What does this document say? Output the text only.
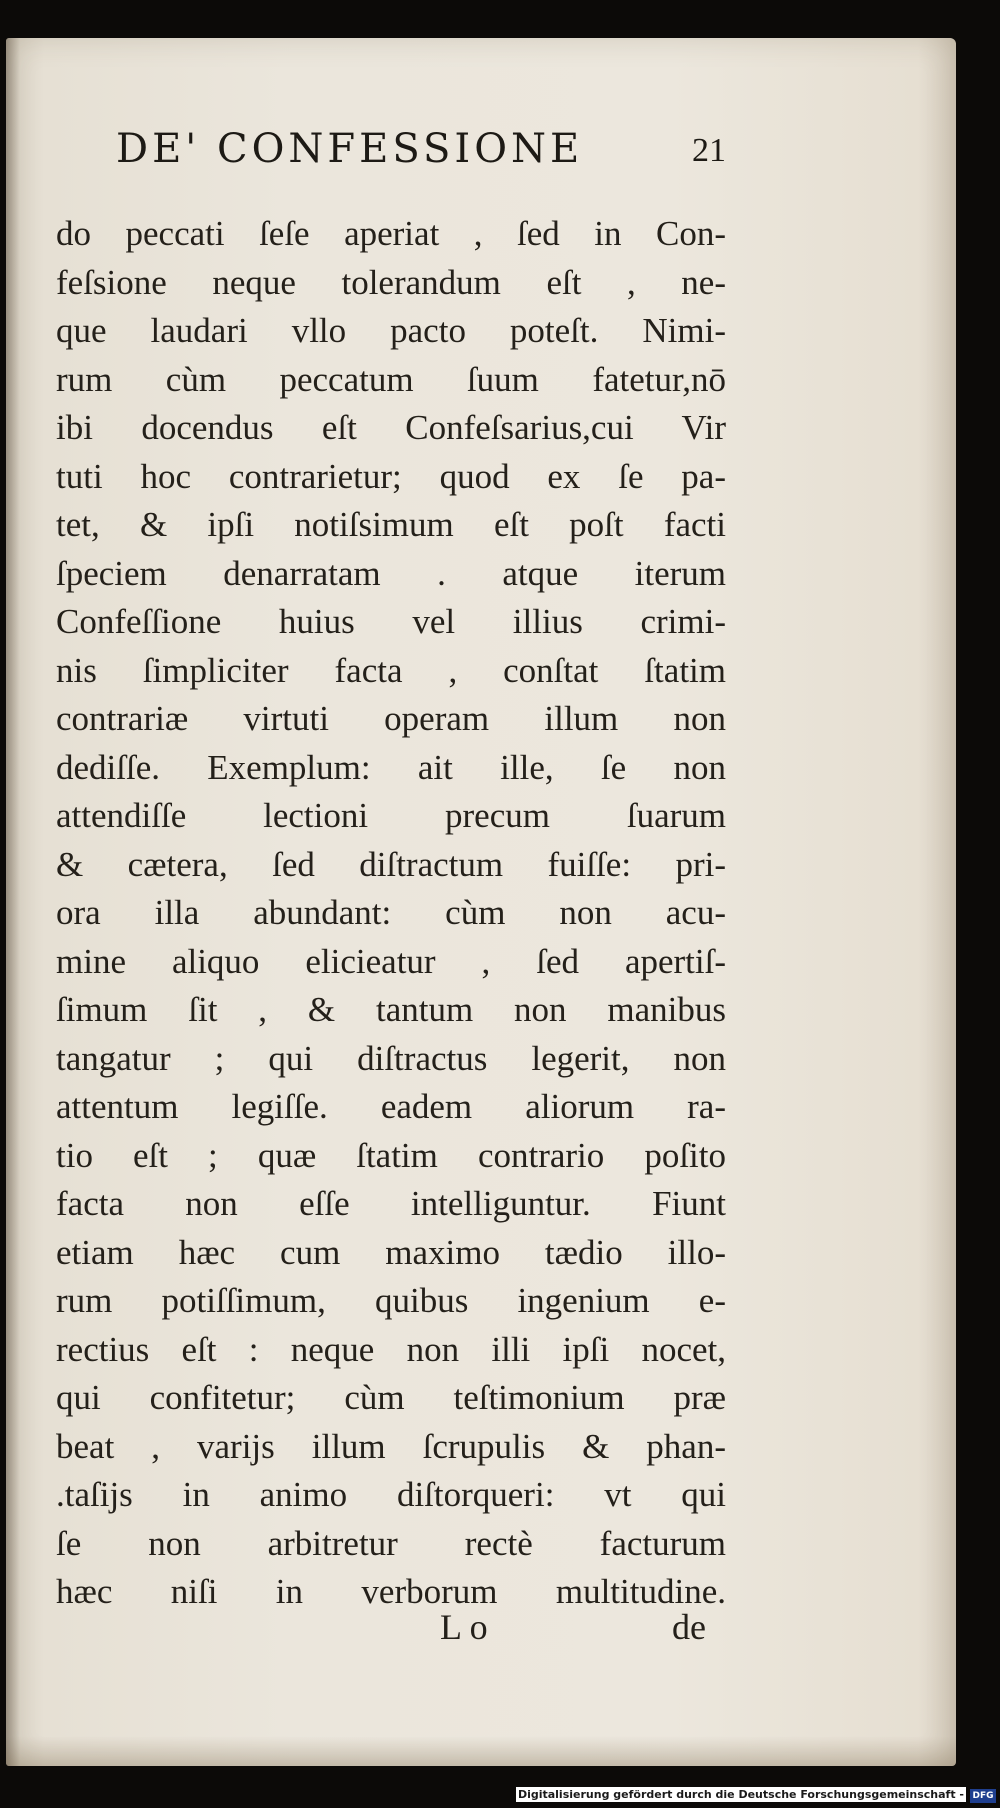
DE' CONFESSIONE	21
do peccati ſeſe aperiat , ſed in Con-
feſsione neque tolerandum eſt , ne-
que laudari vllo pacto poteſt. Nimi-
rum cùm peccatum ſuum fatetur,nō
ibi docendus eſt Confeſsarius,cui Vir
tuti hoc contrarietur; quod ex ſe pa-
tet, & ipſi notiſsimum eſt poſt facti
ſpeciem denarratam . atque iterum
Confeſſione huius vel illius crimi-
nis ſimpliciter facta , conſtat ſtatim
contrariæ virtuti operam illum non
dediſſe. Exemplum: ait ille, ſe non
attendiſſe lectioni precum ſuarum
& cætera, ſed diſtractum fuiſſe: pri-
ora illa abundant: cùm non acu-
mine aliquo elicieatur , ſed apertiſ-
ſimum ſit , & tantum non manibus
tangatur ; qui diſtractus legerit, non
attentum legiſſe. eadem aliorum ra-
tio eſt ; quæ ſtatim contrario poſito
facta non eſſe intelliguntur. Fiunt
etiam hæc cum maximo tædio illo-
rum potiſſimum, quibus ingenium e-
rectius eſt : neque non illi ipſi nocet,
qui confitetur; cùm teſtimonium præ
beat , varijs illum ſcrupulis & phan-
.taſijs in animo diſtorqueri: vt qui
ſe non arbitretur rectè facturum
hæc niſi in verborum multitudine.
L o	de
Digitalisierung gefördert durch die Deutsche Forschungsgemeinschaft - DFG
